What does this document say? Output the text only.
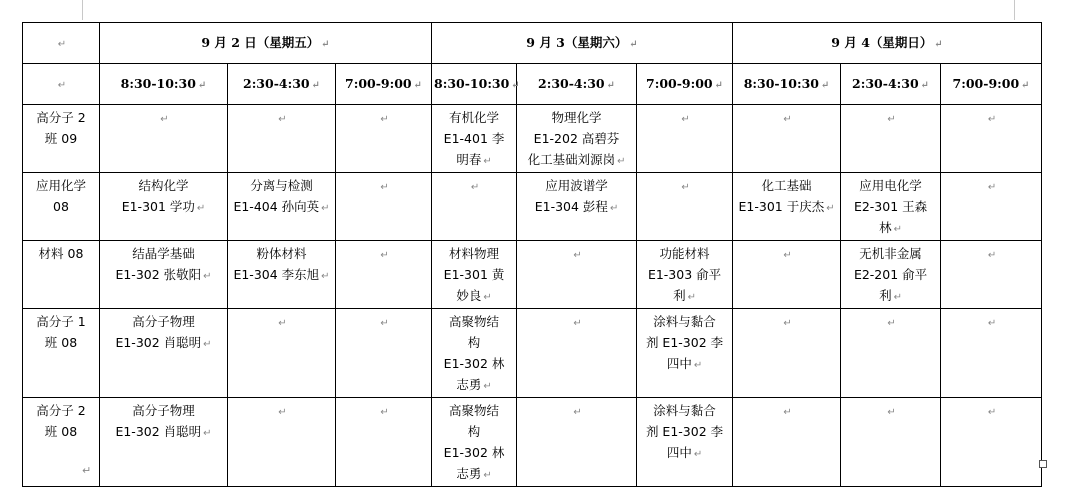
↵	9 月 2 日（星期五） ↵			9 月 3（星期六） ↵			9 月 4（星期日） ↵		
↵	8:30-10:30 ↵	2:30-4:30 ↵	7:00-9:00 ↵	8:30-10:30 ↵	2:30-4:30 ↵	7:00-9:00 ↵	8:30-10:30 ↵	2:30-4:30 ↵	7:00-9:00 ↵

高分子 2
班 09	↵	↵	↵	有机化学
E1-401 李
明春 ↵	物理化学
E1-202 高碧芬
化工基础刘源岗 ↵	↵	↵	↵	↵

应用化学
08	结构化学
E1-301 学功 ↵	分离与检测
E1-404 孙向英 ↵	↵	↵	应用波谱学
E1-304 彭程 ↵	↵	化工基础
E1-301 于庆杰 ↵	应用电化学
E2-301 王森
林 ↵	↵

材料 08	结晶学基础
E1-302 张敬阳 ↵	粉体材料
E1-304 李东旭 ↵	↵	材料物理
E1-301 黄
妙良 ↵	↵	功能材料
E1-303 俞平
利 ↵	↵	无机非金属
E2-201 俞平
利 ↵	↵

高分子 1
班 08	高分子物理
E1-302 肖聪明 ↵	↵	↵	高聚物结
构
E1-302 林
志勇 ↵	↵	涂料与黏合
剂 E1-302 李
四中 ↵	↵	↵	↵

高分子 2
班 08	高分子物理
E1-302 肖聪明 ↵	↵	↵	高聚物结
构
E1-302 林
志勇 ↵	↵	涂料与黏合
剂 E1-302 李
四中 ↵	↵	↵	↵
↵
